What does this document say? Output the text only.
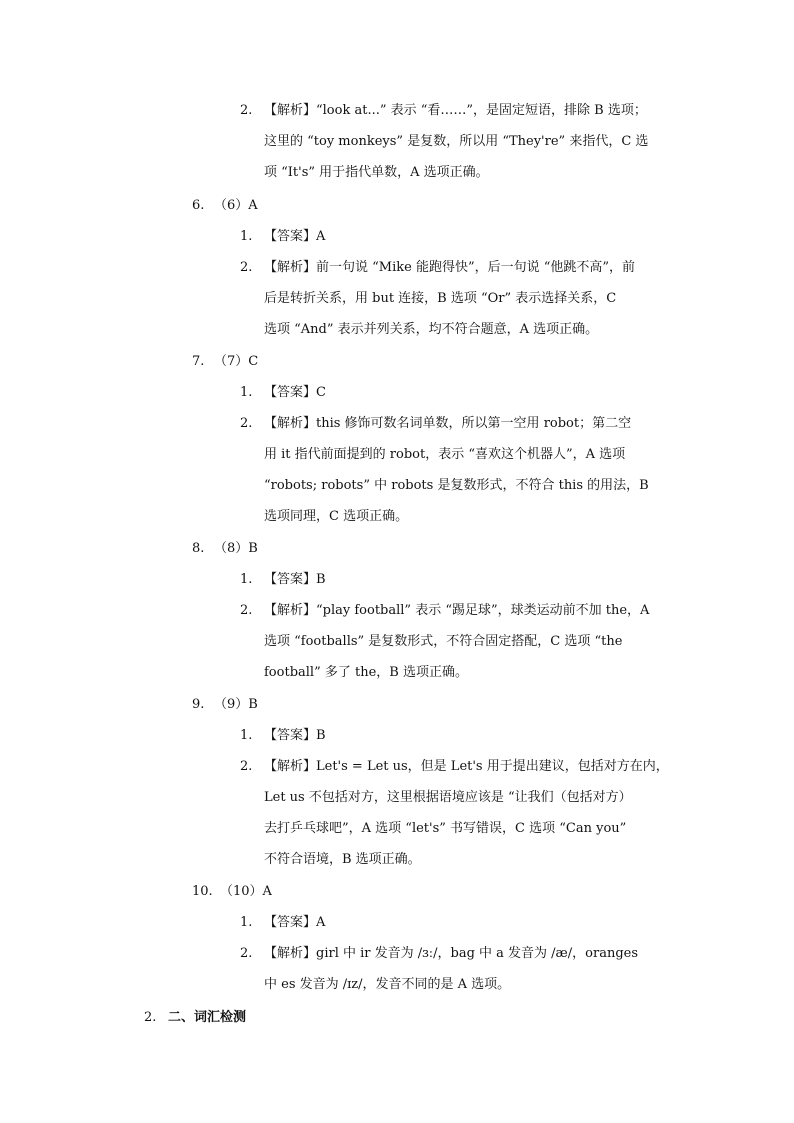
2. 【解析】“look at...” 表示 “看……”，是固定短语，排除 B 选项；
这里的 “toy monkeys” 是复数，所以用 “They're” 来指代，C 选
项 “It's” 用于指代单数，A 选项正确。
6. （6）A
1. 【答案】A
2. 【解析】前一句说 “Mike 能跑得快”，后一句说 “他跳不高”，前
后是转折关系，用 but 连接，B 选项 “Or” 表示选择关系，C
选项 “And” 表示并列关系，均不符合题意，A 选项正确。
7. （7）C
1. 【答案】C
2. 【解析】this 修饰可数名词单数，所以第一空用 robot；第二空
用 it 指代前面提到的 robot，表示 “喜欢这个机器人”，A 选项
“robots; robots” 中 robots 是复数形式，不符合 this 的用法，B
选项同理，C 选项正确。
8. （8）B
1. 【答案】B
2. 【解析】“play football” 表示 “踢足球”，球类运动前不加 the，A
选项 “footballs” 是复数形式，不符合固定搭配，C 选项 “the
football” 多了 the，B 选项正确。
9. （9）B
1. 【答案】B
2. 【解析】Let's = Let us，但是 Let's 用于提出建议，包括对方在内，
Let us 不包括对方，这里根据语境应该是 “让我们（包括对方）
去打乒乓球吧”，A 选项 “let's” 书写错误，C 选项 “Can you”
不符合语境，B 选项正确。
10. （10）A
1. 【答案】A
2. 【解析】girl 中 ir 发音为 /ɜː/，bag 中 a 发音为 /æ/，oranges
中 es 发音为 /ɪz/，发音不同的是 A 选项。
2. 二、词汇检测
